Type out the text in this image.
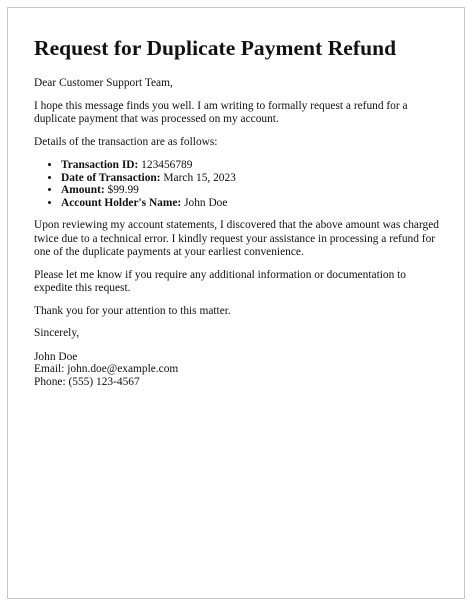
Request for Duplicate Payment Refund

Dear Customer Support Team,

I hope this message finds you well. I am writing to formally request a refund for a duplicate payment that was processed on my account.

Details of the transaction are as follows:

• Transaction ID: 123456789
• Date of Transaction: March 15, 2023
• Amount: $99.99
• Account Holder's Name: John Doe

Upon reviewing my account statements, I discovered that the above amount was charged twice due to a technical error. I kindly request your assistance in processing a refund for one of the duplicate payments at your earliest convenience.

Please let me know if you require any additional information or documentation to expedite this request.

Thank you for your attention to this matter.

Sincerely,

John Doe
Email: john.doe@example.com
Phone: (555) 123-4567
